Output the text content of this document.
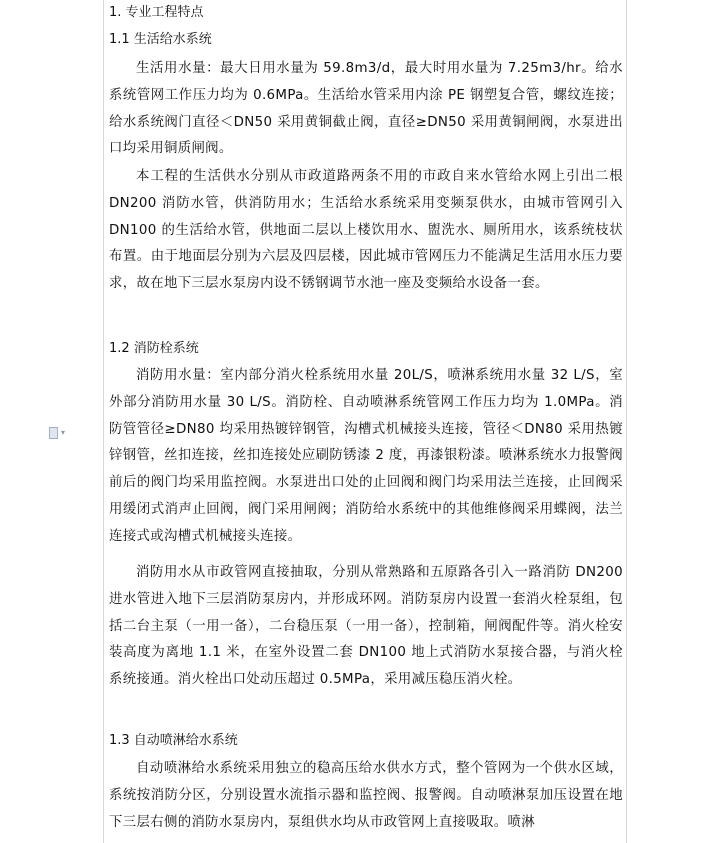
▾
1. 专业工程特点
1.1 生活给水系统

生活用水量：最大日用水量为 59.8m3/d，最大时用水量为 7.25m3/hr。给水系统管网工作压力均为 0.6MPa。生活给水管采用内涂 PE 钢塑复合管，螺纹连接；给水系统阀门直径＜DN50 采用黄铜截止阀，直径≥DN50 采用黄铜闸阀，水泵进出口均采用铜质闸阀。

本工程的生活供水分别从市政道路两条不用的市政自来水管给水网上引出二根 DN200 消防水管，供消防用水；生活给水系统采用变频泵供水，由城市管网引入 DN100 的生活给水管，供地面二层以上楼饮用水、盥洗水、厕所用水，该系统枝状布置。由于地面层分别为六层及四层楼，因此城市管网压力不能满足生活用水压力要求，故在地下三层水泵房内设不锈钢调节水池一座及变频给水设备一套。

1.2 消防栓系统

消防用水量：室内部分消火栓系统用水量 20L/S，喷淋系统用水量 32 L/S，室外部分消防用水量 30 L/S。消防栓、自动喷淋系统管网工作压力均为 1.0MPa。消防管管径≥DN80 均采用热镀锌钢管，沟槽式机械接头连接，管径＜DN80 采用热镀锌钢管，丝扣连接，丝扣连接处应刷防锈漆 2 度，再漆银粉漆。喷淋系统水力报警阀前后的阀门均采用监控阀。水泵进出口处的止回阀和阀门均采用法兰连接，止回阀采用缓闭式消声止回阀，阀门采用闸阀；消防给水系统中的其他维修阀采用蝶阀，法兰连接式或沟槽式机械接头连接。

消防用水从市政管网直接抽取，分别从常熟路和五原路各引入一路消防 DN200 进水管进入地下三层消防泵房内，并形成环网。消防泵房内设置一套消火栓泵组，包括二台主泵（一用一备），二台稳压泵（一用一备），控制箱，闸阀配件等。消火栓安装高度为离地 1.1 米，在室外设置二套 DN100 地上式消防水泵接合器，与消火栓系统接通。消火栓出口处动压超过 0.5MPa，采用减压稳压消火栓。

1.3 自动喷淋给水系统

自动喷淋给水系统采用独立的稳高压给水供水方式，整个管网为一个供水区域，系统按消防分区，分别设置水流指示器和监控阀、报警阀。自动喷淋泵加压设置在地下三层右侧的消防水泵房内，泵组供水均从市政管网上直接吸取。喷淋
